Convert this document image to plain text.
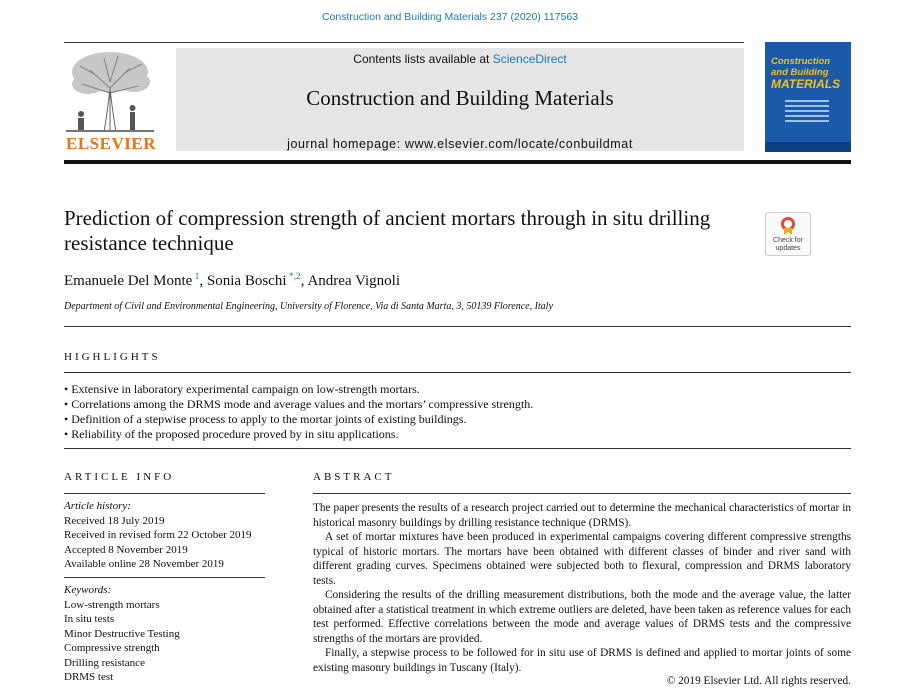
Construction and Building Materials 237 (2020) 117563
ELSEVIER
Contents lists available at ScienceDirect
Construction and Building Materials
journal homepage: www.elsevier.com/locate/conbuildmat
Construction
and Building
MATERIALS
Prediction of compression strength of ancient mortars through in situ drilling resistance technique	Check for
updates
Emanuele Del Monte $^1$, Sonia Boschi $^{*,2}$, Andrea Vignoli
Department of Civil and Environmental Engineering, University of Florence, Via di Santa Marta, 3, 50139 Florence, Italy
HIGHLIGHTS
• Extensive in laboratory experimental campaign on low-strength mortars.
• Correlations among the DRMS mode and average values and the mortars’ compressive strength.
• Definition of a stepwise process to apply to the mortar joints of existing buildings.
• Reliability of the proposed procedure proved by in situ applications.
ARTICLE INFO
Article history:
Received 18 July 2019
Received in revised form 22 October 2019
Accepted 8 November 2019
Available online 28 November 2019
Keywords:
Low-strength mortars
In situ tests
Minor Destructive Testing
Compressive strength
Drilling resistance
DRMS test
ABSTRACT

The paper presents the results of a research project carried out to determine the mechanical characteristics of mortar in historical masonry buildings by drilling resistance technique (DRMS).

A set of mortar mixtures have been produced in experimental campaigns covering different compressive strengths typical of historic mortars. The mortars have been obtained with different classes of binder and river sand with different grading curves. Specimens obtained were subjected both to flexural, compression and DRMS laboratory tests.

Considering the results of the drilling measurement distributions, both the mode and the average value, the latter obtained after a statistical treatment in which extreme outliers are deleted, have been taken as reference values for each test performed. Effective correlations between the mode and average values of DRMS tests and the compressive strengths of the mortars are provided.

Finally, a stepwise process to be followed for in situ use of DRMS is defined and applied to mortar joints of some existing masonry buildings in Tuscany (Italy).

© 2019 Elsevier Ltd. All rights reserved.
